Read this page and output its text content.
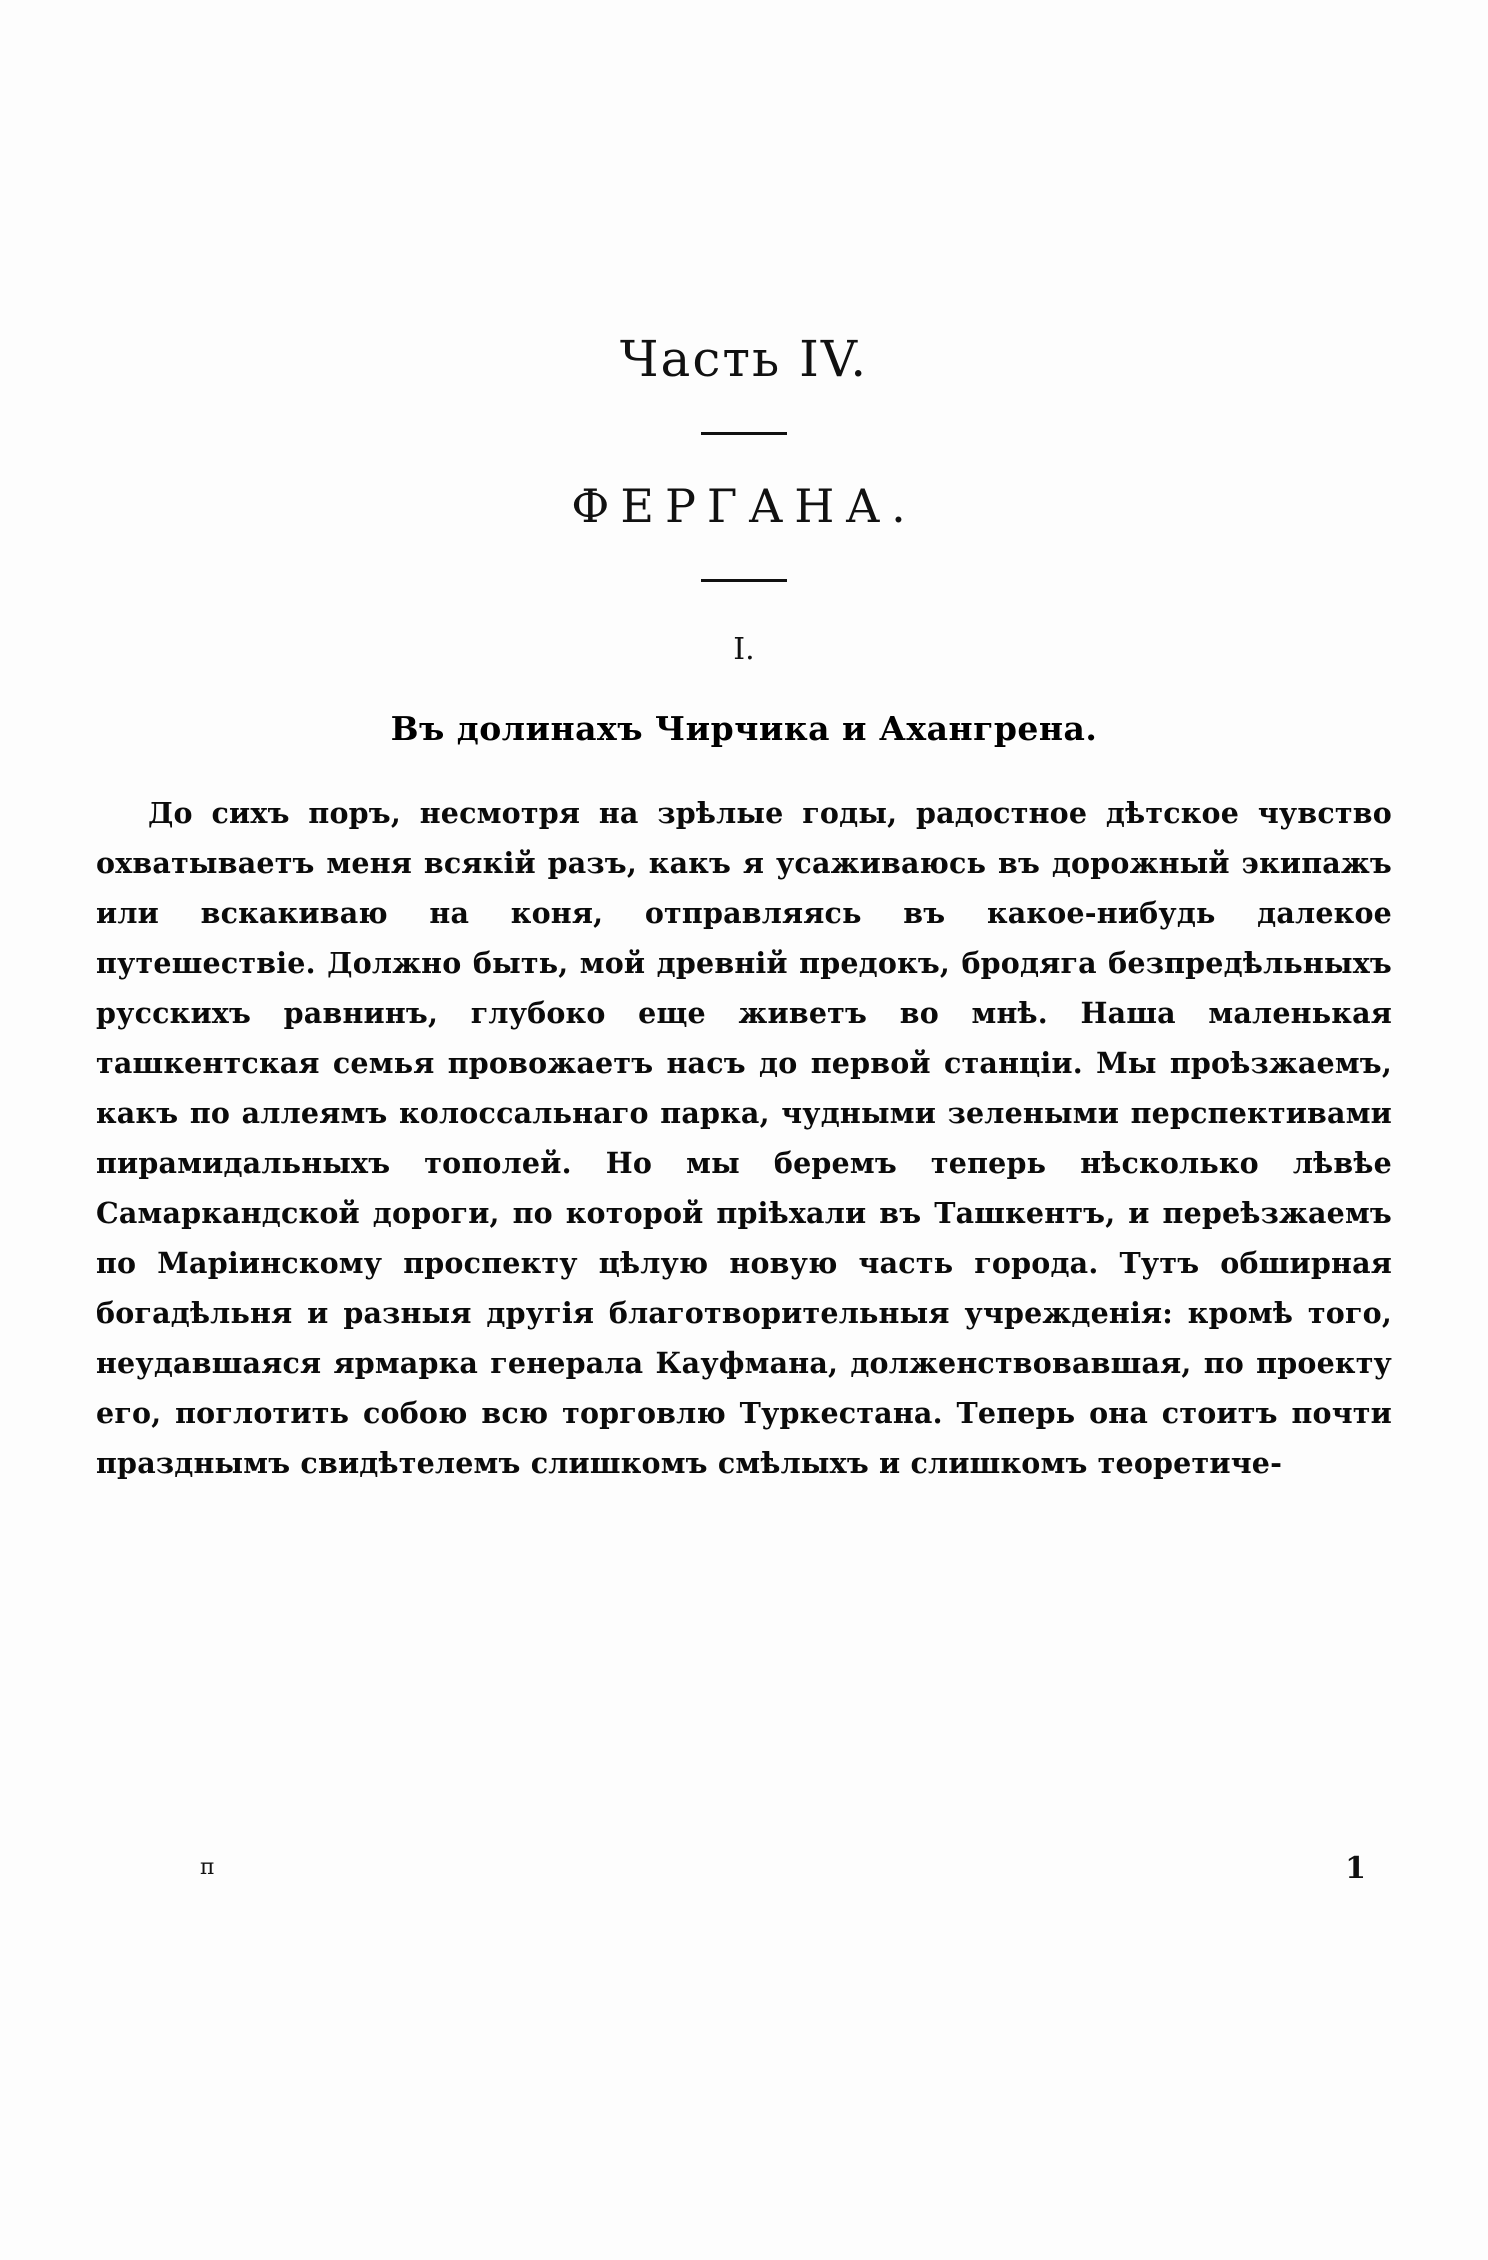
Часть IV.
ФЕРГАНА.
I.
Въ долинахъ Чирчика и Ахангрена.

До сихъ поръ, несмотря на зрѣлые годы, радостное дѣтское чувство охватываетъ меня всякій разъ, какъ я усаживаюсь въ дорожный экипажъ или вскакиваю на коня, отправляясь въ какое-нибудь далекое путешествіе. Должно быть, мой древній предокъ, бродяга безпредѣльныхъ русскихъ равнинъ, глубоко еще живетъ во мнѣ. Наша маленькая ташкентская семья провожаетъ насъ до первой станціи. Мы проѣзжаемъ, какъ по аллеямъ колоссальнаго парка, чудными зелеными перспективами пирамидальныхъ тополей. Но мы беремъ теперь нѣсколько лѣвѣе Самаркандской дороги, по которой пріѣхали въ Ташкентъ, и переѣзжаемъ по Маріинскому проспекту цѣлую новую часть города. Тутъ обширная богадѣльня и разныя другія благотворительныя учрежденія: кромѣ того, неудавшаяся ярмарка генерала Кауфмана, долженствовавшая, по проекту его, поглотить собою всю торговлю Туркестана. Теперь она стоитъ почти празднымъ свидѣтелемъ слишкомъ смѣлыхъ и слишкомъ теоретиче-

п	1
